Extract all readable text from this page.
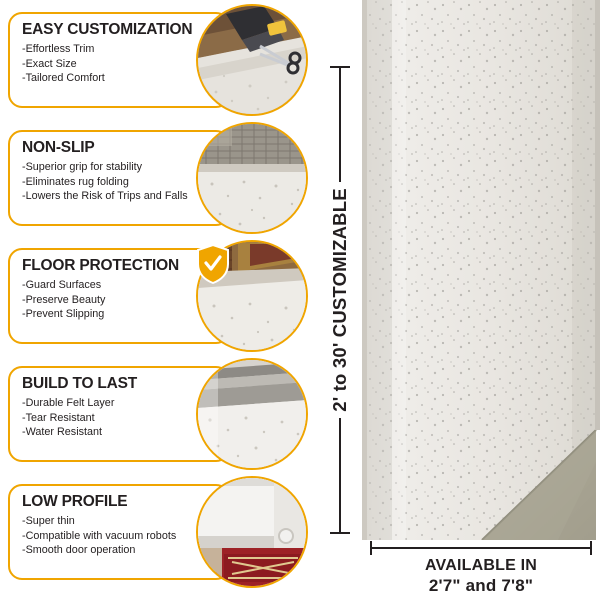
EASY CUSTOMIZATION

-Effortless Trim
-Exact Size
-Tailored Comfort

NON-SLIP

-Superior grip for stability
-Eliminates rug folding
-Lowers the Risk of Trips and Falls

FLOOR PROTECTION

-Guard Surfaces
-Preserve Beauty
-Prevent Slipping

BUILD TO LAST

-Durable Felt Layer
-Tear Resistant
-Water Resistant

LOW PROFILE

-Super thin
-Compatible with vacuum robots
-Smooth door operation
2' to 30' CUSTOMIZABLE
AVAILABLE IN
2'7" and 7'8"
